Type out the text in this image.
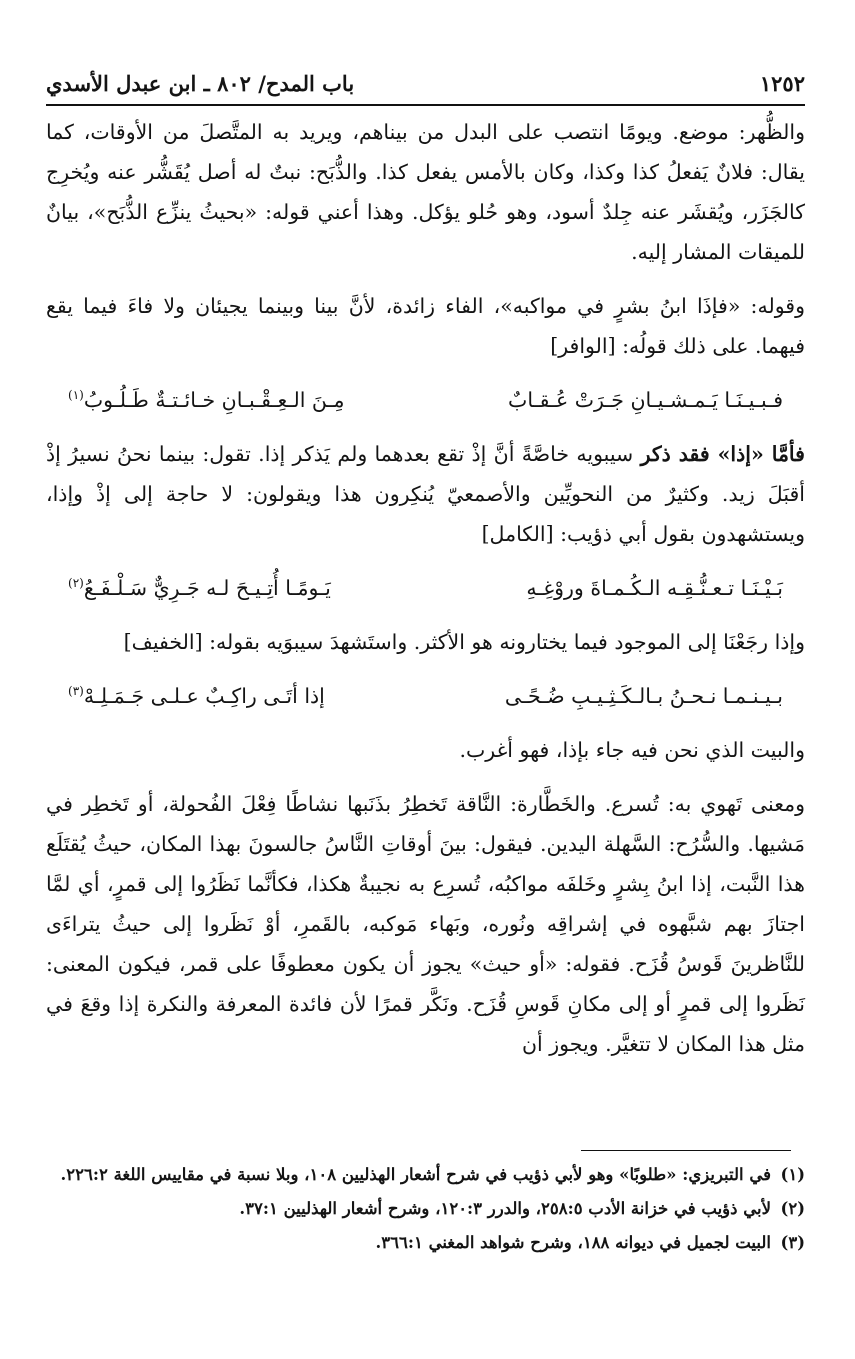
١٢٥٢
باب المدح/ ٨٠٢ ـ ابن عبدل الأسدي

والظُّهر: موضع. ويومًا انتصب على البدل من بيناهم، ويريد به المتَّصلَ من الأوقات، كما يقال: فلانٌ يَفعلُ كذا وكذا، وكان بالأمس يفعل كذا. والذُّبَح: نبتٌ له أصل يُقَشُّر عنه ويُخرِج كالجَزَر، ويُقشَر عنه جِلدٌ أسود، وهو حُلو يؤكل. وهذا أعني قوله: «بحيثُ ينزِّع الذُّبَح»، بيانٌ للميقات المشار إليه.

وقوله: «فإذَا ابنُ بشرٍ في مواكبه»، الفاء زائدة، لأنَّ بينا وبينما يجيئان ولا فاءَ فيما يقع فيهما. على ذلك قولُه: [الوافر]

فـبـيـنَـا يَـمـشـيـانِ جَـرَتْ عُـقـابٌ
مِـنَ الـعِـقْـبـانِ خـائـتـةٌ طَـلُـوبُ$^{(١)}$

فأمَّا «إذا» فقد ذكر سيبويه خاصَّةً أنَّ إذْ تقع بعدهما ولم يَذكر إذا. تقول: بينما نحنُ نسيرُ إذْ أقبَلَ زيد. وكثيرٌ من النحويِّين والأصمعيّ يُنكِرون هذا ويقولون: لا حاجة إلى إذْ وإذا، ويستشهدون بقول أبي ذؤيب: [الكامل]

بَـيْـنَـا تـعـنُّـقِـه الـكُـمـاةَ وروْغِـهِ
يَـومًـا أُتِـيـحَ لـه جَـرِيٌّ سَـلْـفَـعُ$^{(٢)}$

وإذا رجَعْنَا إلى الموجود فيما يختارونه هو الأكثر. واستَشهدَ سيبوَيه بقوله: [الخفيف]

بـيـنـمـا نـحـنُ بـالـكَـثِـيـبِ ضُـحًـى
إذا أتَـى راكِـبٌ عـلـى جَـمَـلِـهْ$^{(٣)}$

والبيت الذي نحن فيه جاء بإذا، فهو أغرب.

ومعنى تَهوي به: تُسرع. والخَطَّارة: النَّاقة تَخطِرُ بذَنَبها نشاطًا فِعْلَ الفُحولة، أو تَخطِر في مَشيها. والسُّرُح: السَّهلة اليدين. فيقول: بينَ أوقاتِ النَّاسُ جالسونَ بهذا المكان، حيثُ يُقتَلَع هذا النَّبت، إذا ابنُ بِشرٍ وخَلفَه مواكبُه، تُسرِع به نجيبةٌ هكذا، فكأنَّما نَظَرُوا إلى قمرٍ، أي لمَّا اجتازَ بهم شبَّهوه في إشراقِه ونُوره، وبَهاء مَوكبه، بالقَمرِ، أوْ نَظَروا إلى حيثُ يتراءَى للنَّاظرينَ قَوسُ قُزَح. فقوله: «أو حيث» يجوز أن يكون معطوفًا على قمر، فيكون المعنى: نَظَروا إلى قمرٍ أو إلى مكانِ قَوسِ قُزَح. ونَكَّر قمرًا لأن فائدة المعرفة والنكرة إذا وقعَ في مثل هذا المكان لا تتغيَّر. ويجوز أن

(١)
في التبريزي: «طلوبًا» وهو لأبي ذؤيب في شرح أشعار الهذليين ١٠٨، وبلا نسبة في مقاييس اللغة ٢٢٦:٢.
(٢)
لأبي ذؤيب في خزانة الأدب ٢٥٨:٥، والدرر ١٢٠:٣، وشرح أشعار الهذليين ٣٧:١.
(٣)
البيت لجميل في ديوانه ١٨٨، وشرح شواهد المغني ٣٦٦:١.
